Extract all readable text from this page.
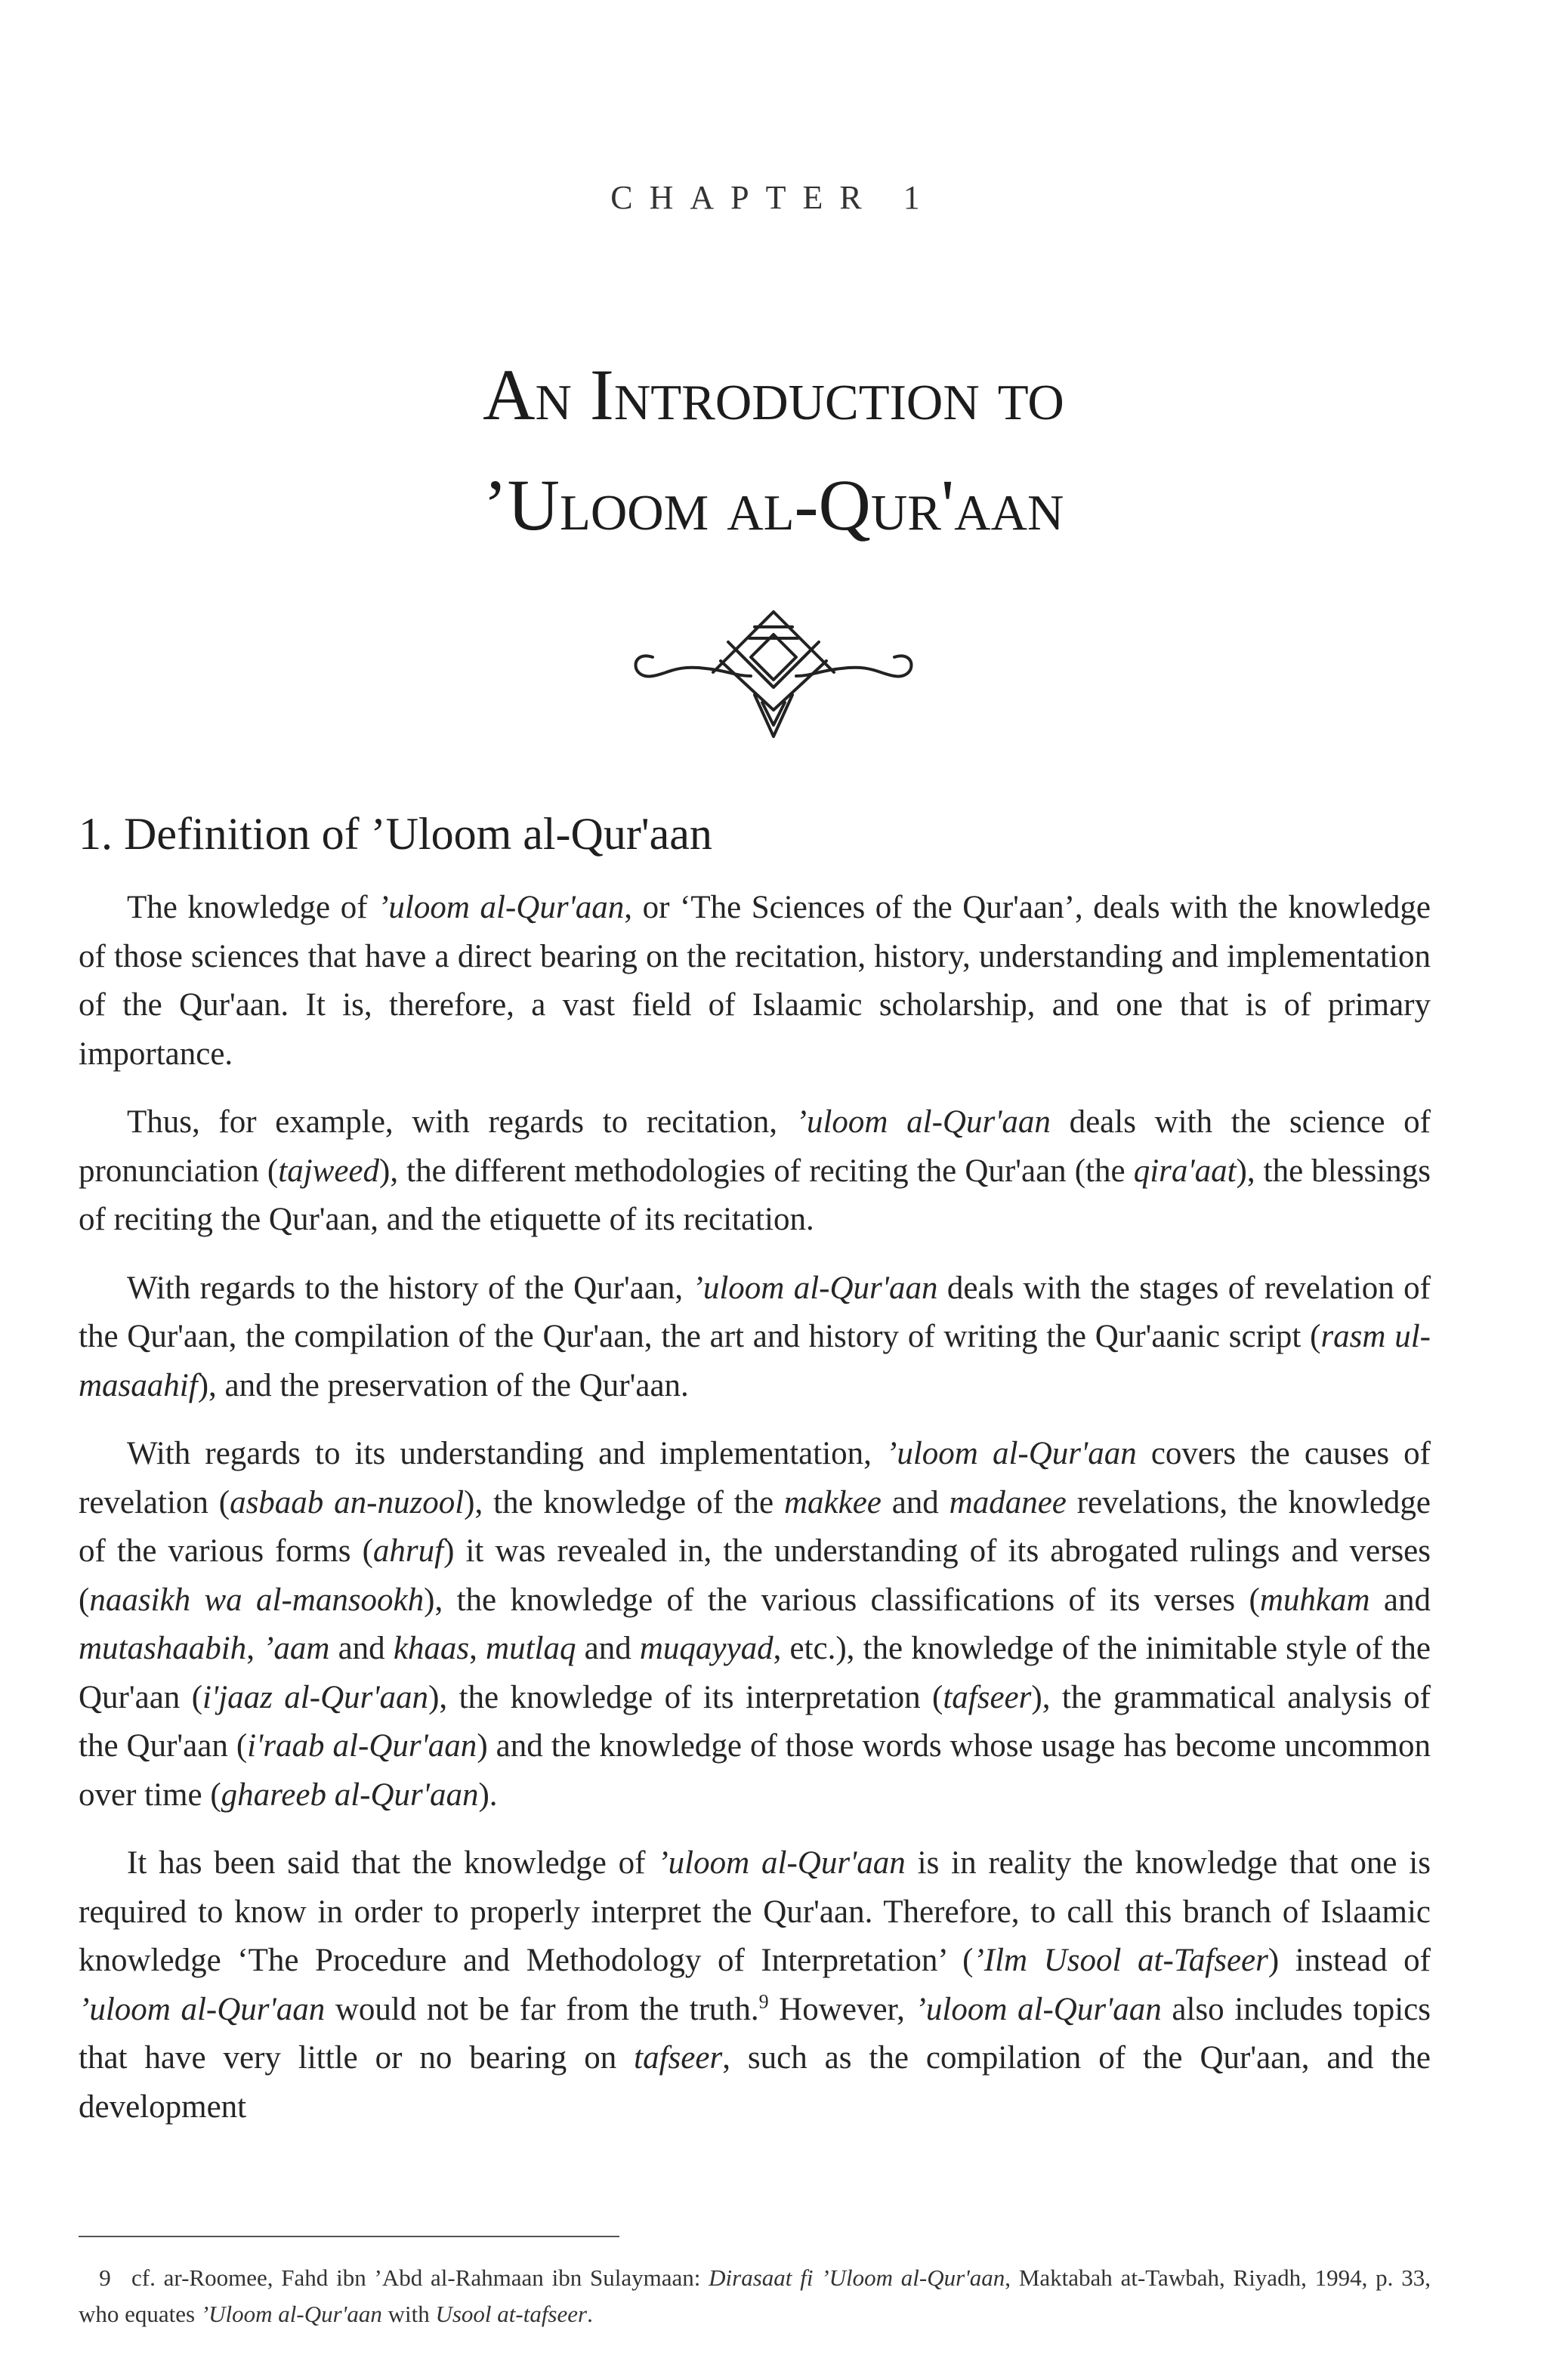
CHAPTER 1
An Introduction to
’Uloom al-Qur'aan
1. Definition of ’Uloom al-Qur'aan

The knowledge of ’uloom al-Qur'aan, or ‘The Sciences of the Qur'aan’, deals with the knowledge of those sciences that have a direct bearing on the recitation, history, understanding and implementation of the Qur'aan. It is, therefore, a vast field of Islaamic scholarship, and one that is of primary importance.

Thus, for example, with regards to recitation, ’uloom al-Qur'aan deals with the science of pronunciation (tajweed), the different methodologies of reciting the Qur'aan (the qira'aat), the blessings of reciting the Qur'aan, and the etiquette of its recitation.

With regards to the history of the Qur'aan, ’uloom al-Qur'aan deals with the stages of revelation of the Qur'aan, the compilation of the Qur'aan, the art and history of writing the Qur'aanic script (rasm ul-masaahif), and the preservation of the Qur'aan.

With regards to its understanding and implementation, ’uloom al-Qur'aan covers the causes of revelation (asbaab an-nuzool), the knowledge of the makkee and madanee revelations, the knowledge of the various forms (ahruf) it was revealed in, the understanding of its abrogated rulings and verses (naasikh wa al-mansookh), the knowledge of the various classifications of its verses (muhkam and mutashaabih, ’aam and khaas, mutlaq and muqayyad, etc.), the knowledge of the inimitable style of the Qur'aan (i'jaaz al-Qur'aan), the knowledge of its interpretation (tafseer), the grammatical analysis of the Qur'aan (i'raab al-Qur'aan) and the knowledge of those words whose usage has become uncommon over time (ghareeb al-Qur'aan).

It has been said that the knowledge of ’uloom al-Qur'aan is in reality the knowledge that one is required to know in order to properly interpret the Qur'aan. Therefore, to call this branch of Islaamic knowledge ‘The Procedure and Methodology of Interpretation’ (’Ilm Usool at-Tafseer) instead of ’uloom al-Qur'aan would not be far from the truth.$^9$ However, ’uloom al-Qur'aan also includes topics that have very little or no bearing on tafseer, such as the compilation of the Qur'aan, and the development

9 cf. ar-Roomee, Fahd ibn ’Abd al-Rahmaan ibn Sulaymaan: Dirasaat fi ’Uloom al-Qur'aan, Maktabah at-Tawbah, Riyadh, 1994, p. 33, who equates ’Uloom al-Qur'aan with Usool at-tafseer.
